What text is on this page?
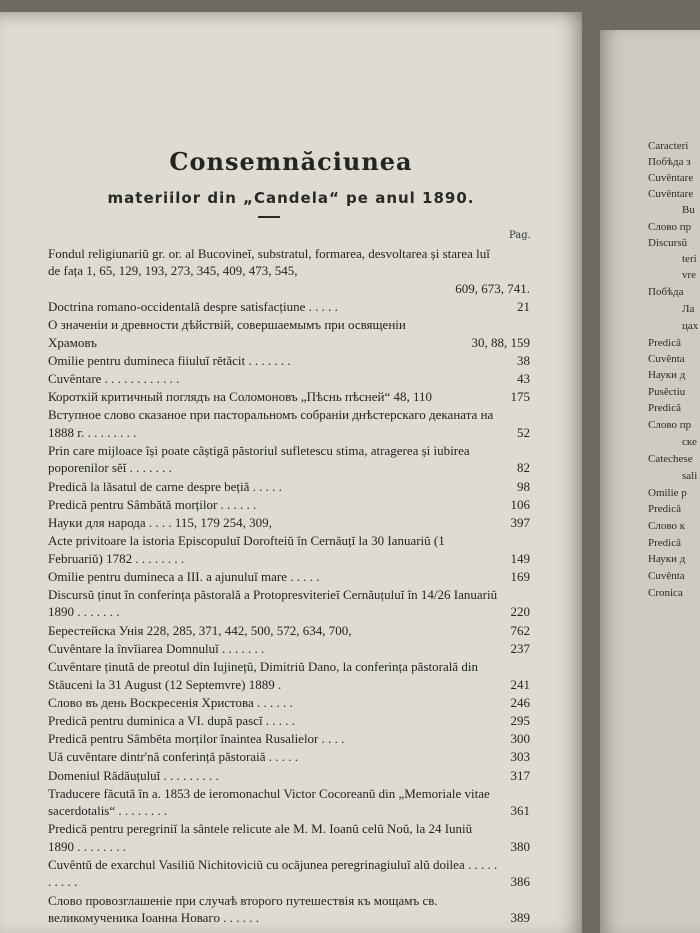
Consemnăciunea
materiilor din „Candela“ pe anul 1890.
Pag.
Fondul religiunariŭ gr. or. al Bucovineĭ, substratul, formarea, desvoltarea și starea luĭ de fața 1, 65, 129, 193, 273, 345, 409, 473, 545,
609, 673, 741.
Doctrina romano-occidentală despre satisfacțiune . . . . .	21
О значенiи и древности дѣйствiй, совершаемымъ при освященiи Храмовъ	30, 88, 159
Omilie pentru dumineca fiiuluĭ rĕtăcit . . . . . . .	38
Cuvêntare . . . . . . . . . . . .	43
Короткiй критичный поглядъ на Соломоновъ „Пѣснь пѣсней“ 48, 110	175
Вступное слово сказаное при пастoральномъ собранiи днѣстерскаго деканата на 1888 г. . . . . . . . .	52
Prin care mijloace își poate câștigă păstoriul sufletescu stima, atragerea și iubirea poporenilor sĕĭ . . . . . . .	82
Predică la lăsatul de carne despre bețiă . . . . .	98
Predică pentru Sâmbătă morților . . . . . .	106
Науки для народа . . . . 115, 179 254, 309,	397
Acte privitoare la istoria Episcopuluĭ Dorofteiŭ în Cernăuțĭ la 30 Ianuariŭ (1 Februariŭ) 1782 . . . . . . . .	149
Omilie pentru dumineca a III. a ajunuluĭ mare . . . . .	169
Discursŭ ținut în conferința păstorală a Protopresviterieĭ Cernăuțuluĭ în 14/26 Ianuariŭ 1890 . . . . . . .	220
Берестейска Унiя 228, 285, 371, 442, 500, 572, 634, 700,	762
Cuvêntare la învĭiarea Domnuluĭ . . . . . . .	237
Cuvêntare ținută de preotul din Iujinețŭ, Dimitriŭ Dano, la conferința păstorală din Stăuceni la 31 August (12 Septemvre) 1889 .	241
Слово въ день Воскресенiя Христова . . . . . .	246
Predică pentru duminica a VI. după pascĭ . . . . .	295
Predică pentru Sâmbĕta morților înaintea Rusalielor . . . .	300
Uă cuvêntare dintr'nă conferință păstoraiă . . . . .	303
Domeniul Rădăuțuluĭ . . . . . . . . .	317
Traducere făcută în a. 1853 de ieromonachul Victor Cocoreanŭ din „Memoriale vitae sacerdotalis“ . . . . . . . .	361
Predică pentru peregriniĭ la sântele relicute ale M. M. Ioanŭ celŭ Noŭ, la 24 Iuniŭ 1890 . . . . . . . .	380
Cuvêntŭ de exarchul Vasiliŭ Nichitoviciŭ cu ocăjunea peregrinagiuluĭ alŭ doilea . . . . . . . . . .	386
Слово провозглашенiе при случаѣ второго путешествiя къ мощамъ св. великомученика Iоанна Новаго . . . . . .	389
Caracteri
Побѣда з
Cuvêntare
Cuvêntare
Bu
Слово пр
Discursŭ
teri
vre
Побѣда
Ла
цах
Predică
Cuvênta
Науки д
Pusĕctiu
Predică
Слово пр
ске
Catechese
sali
Omilie p
Predică
Слово к
Predică
Науки д
Cuvênta
Cronica
